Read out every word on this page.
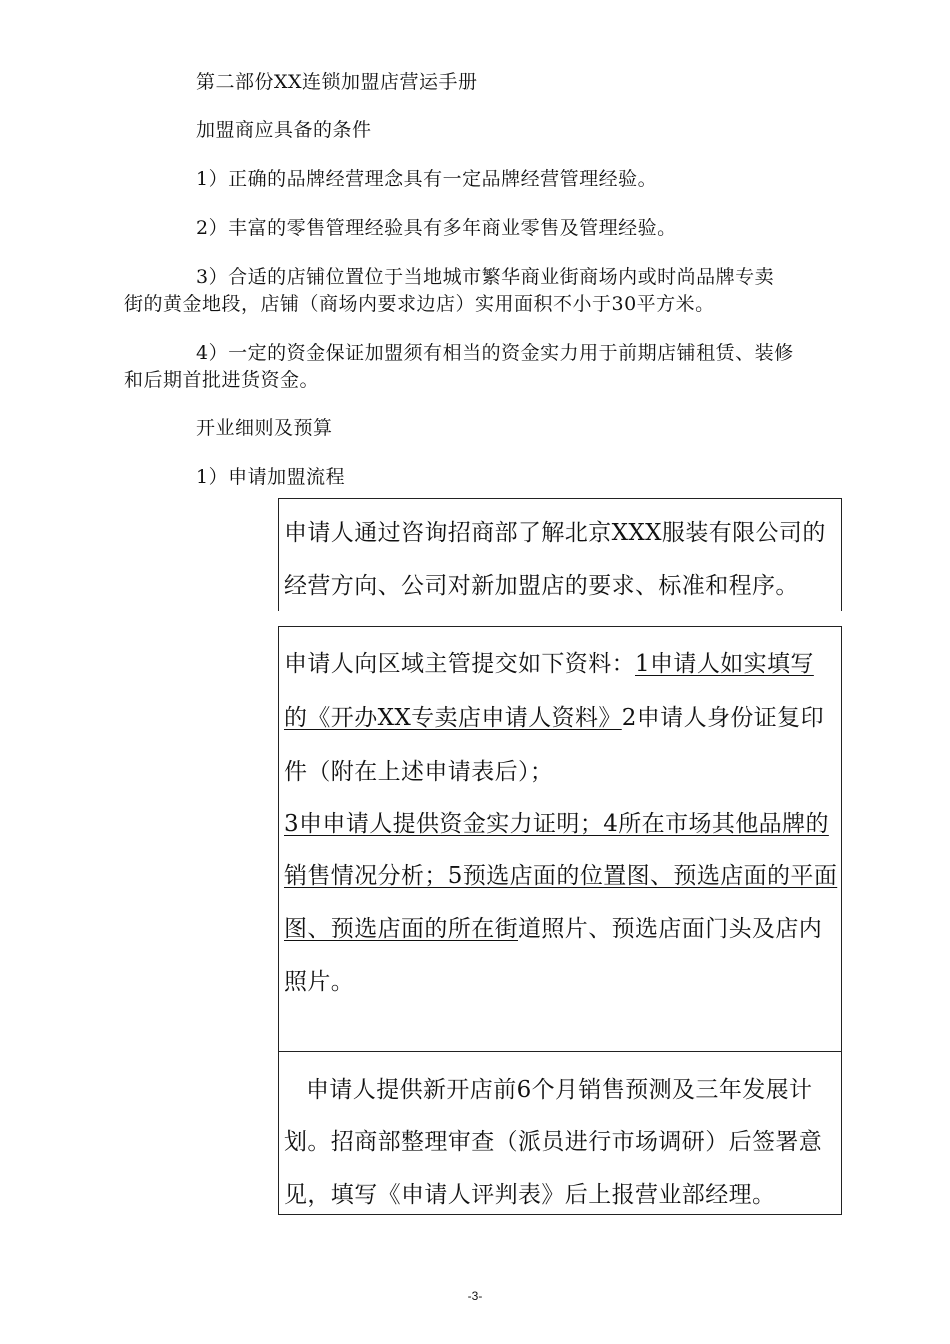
第二部份XX连锁加盟店营运手册
加盟商应具备的条件
1）正确的品牌经营理念具有一定品牌经营管理经验。
2）丰富的零售管理经验具有多年商业零售及管理经验。
3）合适的店铺位置位于当地城市繁华商业街商场内或时尚品牌专卖
街的黄金地段，店铺（商场内要求边店）实用面积不小于30平方米。
4）一定的资金保证加盟须有相当的资金实力用于前期店铺租赁、装修
和后期首批进货资金。
开业细则及预算
1）申请加盟流程
申请人通过咨询招商部了解北京XXX服装有限公司的
经营方向、公司对新加盟店的要求、标准和程序。
申请人向区域主管提交如下资料：1申请人如实填写
的《开办XX专卖店申请人资料》2申请人身份证复印
件（附在上述申请表后）；
3申申请人提供资金实力证明；4所在市场其他品牌的
销售情况分析；5预选店面的位置图、预选店面的平面
图、预选店面的所在街道照片、预选店面门头及店内
照片。
申请人提供新开店前6个月销售预测及三年发展计
划。招商部整理审查（派员进行市场调研）后签署意
见，填写《申请人评判表》后上报营业部经理。
-3-
